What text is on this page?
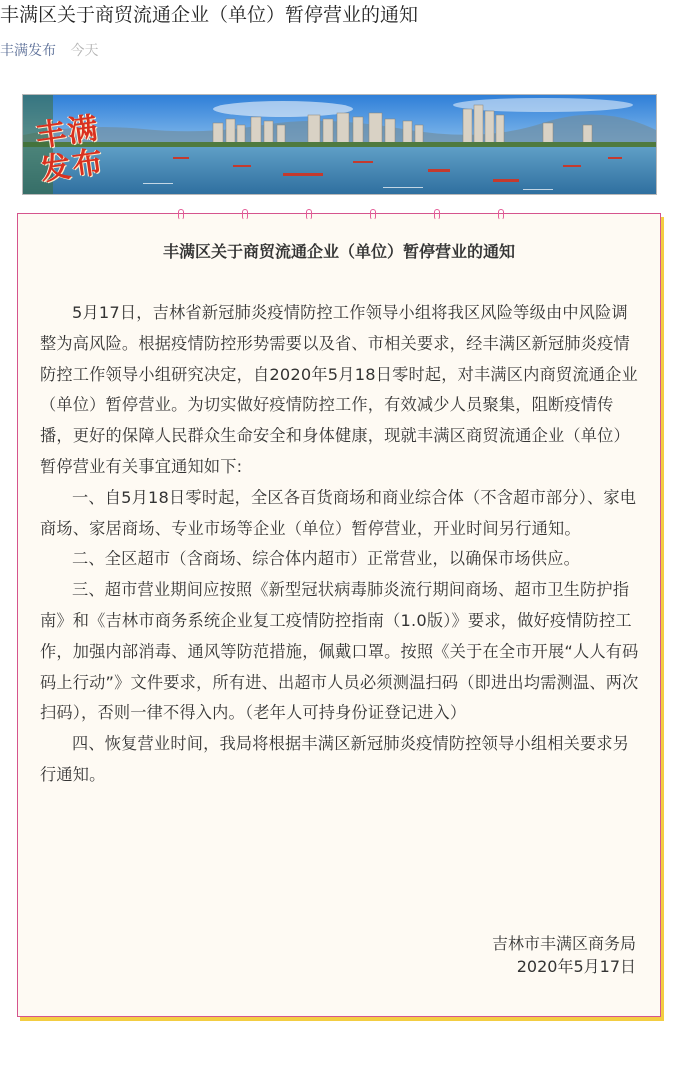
丰满区关于商贸流通企业（单位）暂停营业的通知
丰满发布 今天
丰满
发布
丰满区关于商贸流通企业（单位）暂停营业的通知

5月17日，吉林省新冠肺炎疫情防控工作领导小组将我区风险等级由中风险调整为高风险。根据疫情防控形势需要以及省、市相关要求，经丰满区新冠肺炎疫情防控工作领导小组研究决定，自2020年5月18日零时起，对丰满区内商贸流通企业（单位）暂停营业。为切实做好疫情防控工作，有效减少人员聚集，阻断疫情传播，更好的保障人民群众生命安全和身体健康，现就丰满区商贸流通企业（单位）暂停营业有关事宜通知如下:

一、自5月18日零时起，全区各百货商场和商业综合体（不含超市部分）、家电商场、家居商场、专业市场等企业（单位）暂停营业，开业时间另行通知。

二、全区超市（含商场、综合体内超市）正常营业，以确保市场供应。

三、超市营业期间应按照《新型冠状病毒肺炎流行期间商场、超市卫生防护指南》和《吉林市商务系统企业复工疫情防控指南（1.0版）》要求，做好疫情防控工作，加强内部消毒、通风等防范措施，佩戴口罩。按照《关于在全市开展“人人有码码上行动”》文件要求，所有进、出超市人员必须测温扫码（即进出均需测温、两次扫码），否则一律不得入内。（老年人可持身份证登记进入）

四、恢复营业时间，我局将根据丰满区新冠肺炎疫情防控领导小组相关要求另行通知。

吉林市丰满区商务局
2020年5月17日
